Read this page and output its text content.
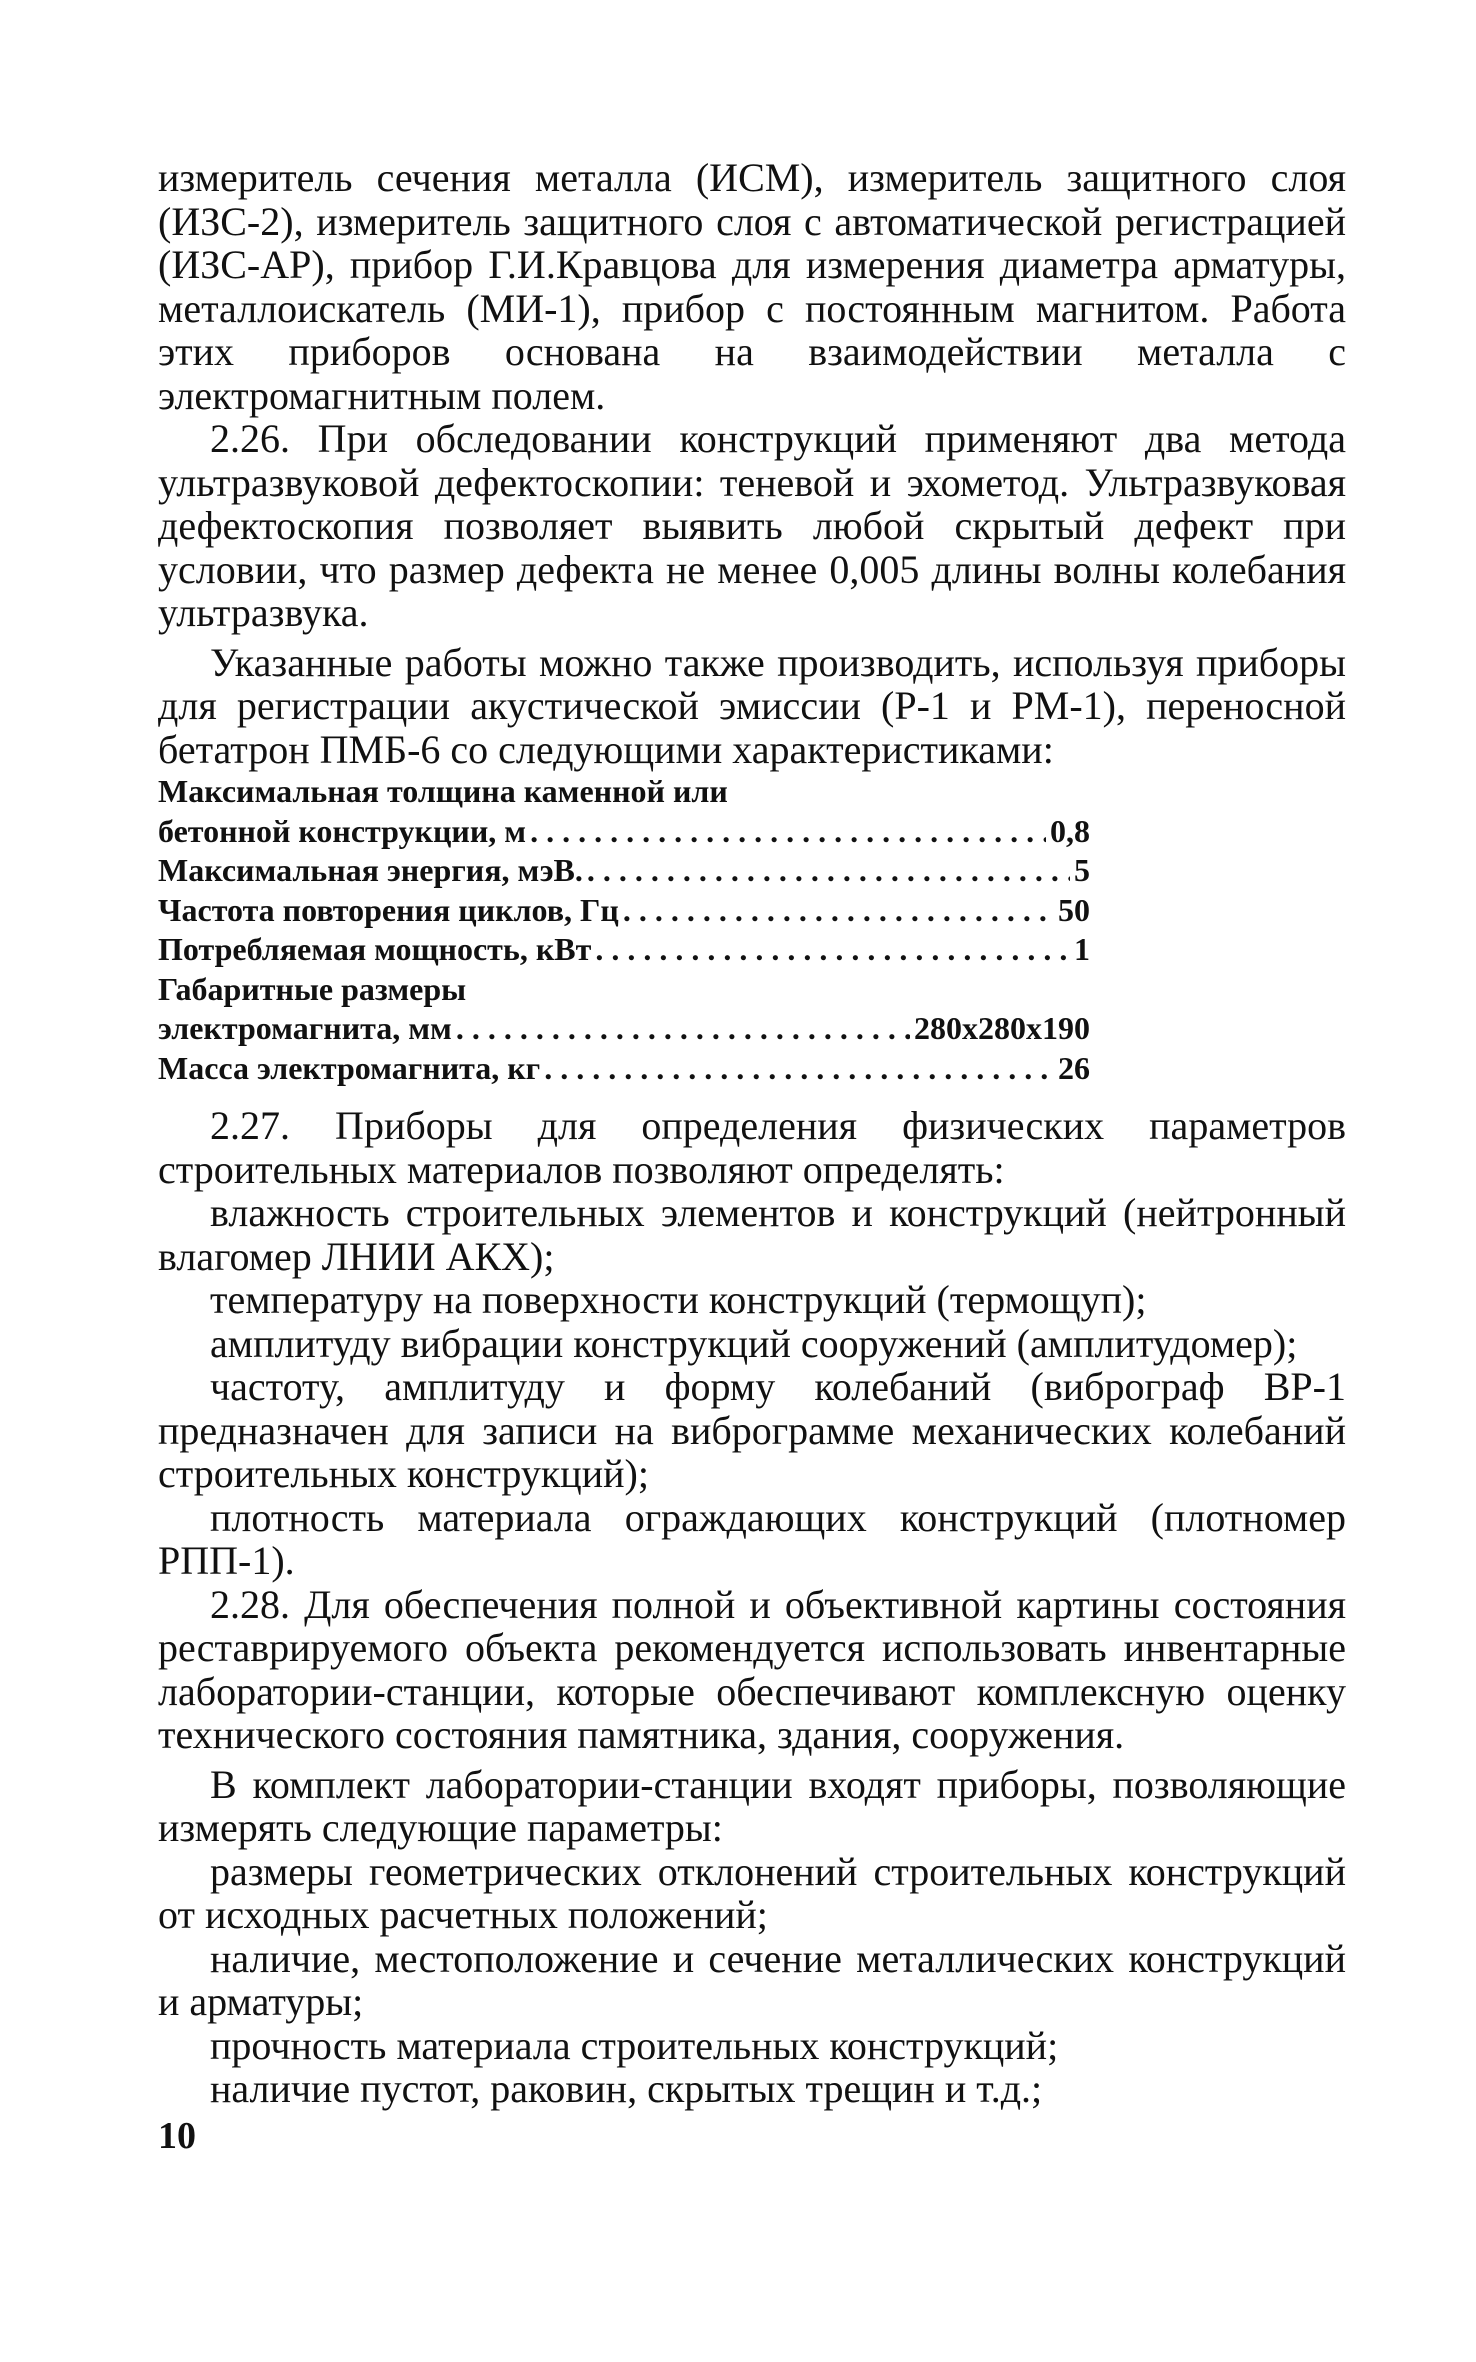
измеритель сечения металла (ИСМ), измеритель защитного слоя (ИЗС-2), измеритель защитного слоя с автоматической регистрацией (ИЗС-АР), прибор Г.И.Кравцова для измерения диаметра арматуры, металлоискатель (МИ-1), прибор с постоянным магнитом. Работа этих приборов основана на взаимодействии металла с электромагнитным полем.

2.26. При обследовании конструкций применяют два метода ультразвуковой дефектоскопии: теневой и эхометод. Ультразвуковая дефектоскопия позволяет выявить любой скрытый дефект при условии, что размер дефекта не менее 0,005 длины волны колебания ультразвука.

Указанные работы можно также производить, используя приборы для регистрации акустической эмиссии (Р-1 и РМ-1), переносной бетатрон ПМБ-6 со следующими характеристиками:

Максимальная толщина каменной или
бетонной конструкции, м . . .	0,8
Максимальная энергия, мэВ. . . .	5
Частота повторения циклов, Гц . . .	50
Потребляемая мощность, кВт . . .	1
Габаритные размеры
электромагнита, мм . . .	280х280х190
Масса электромагнита, кг . . .	26

2.27. Приборы для определения физических параметров строительных материалов позволяют определять:

влажность строительных элементов и конструкций (нейтронный влагомер ЛНИИ АКХ);

температуру на поверхности конструкций (термощуп);

амплитуду вибрации конструкций сооружений (амплитудомер);

частоту, амплитуду и форму колебаний (виброграф ВР-1 предназначен для записи на виброграмме механических колебаний строительных конструкций);

плотность материала ограждающих конструкций (плотномер РПП-1).

2.28. Для обеспечения полной и объективной картины состояния реставрируемого объекта рекомендуется использовать инвентарные лаборатории-станции, которые обеспечивают комплексную оценку технического состояния памятника, здания, сооружения.

В комплект лаборатории-станции входят приборы, позволяющие измерять следующие параметры:

размеры геометрических отклонений строительных конструкций от исходных расчетных положений;

наличие, местоположение и сечение металлических конструкций и арматуры;

прочность материала строительных конструкций;

наличие пустот, раковин, скрытых трещин и т.д.;

10
